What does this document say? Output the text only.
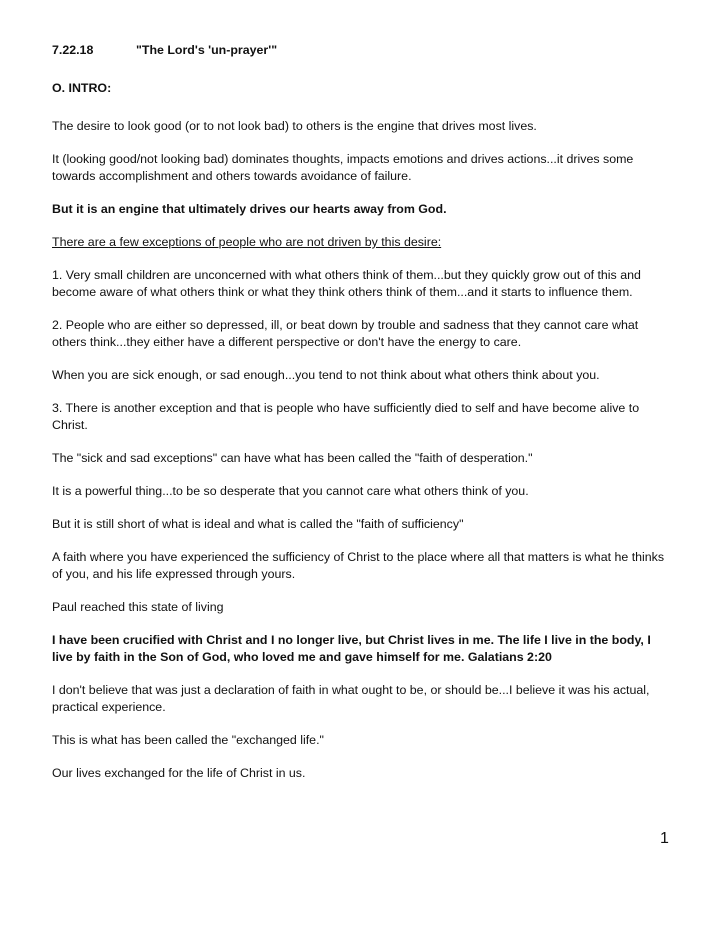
7.22.18	"The Lord's 'un-prayer'"

O. INTRO:

The desire to look good (or to not look bad) to others is the engine that drives most lives.

It (looking good/not looking bad) dominates thoughts, impacts emotions and drives actions...it drives some towards accomplishment and others towards avoidance of failure.

But it is an engine that ultimately drives our hearts away from God.

There are a few exceptions of people who are not driven by this desire:

1. Very small children are unconcerned with what others think of them...but they quickly grow out of this and become aware of what others think or what they think others think of them...and it starts to influence them.

2. People who are either so depressed, ill, or beat down by trouble and sadness that they cannot care what others think...they either have a different perspective or don't have the energy to care.

When you are sick enough, or sad enough...you tend to not think about what others think about you.

3. There is another exception and that is people who have sufficiently died to self and have become alive to Christ.

The "sick and sad exceptions" can have what has been called the "faith of desperation."

It is a powerful thing...to be so desperate that you cannot care what others think of you.

But it is still short of what is ideal and what is called the "faith of sufficiency"

A faith where you have experienced the sufficiency of Christ to the place where all that matters is what he thinks of you, and his life expressed through yours.

Paul reached this state of living

I have been crucified with Christ and I no longer live, but Christ lives in me. The life I live in the body, I live by faith in the Son of God, who loved me and gave himself for me. Galatians 2:20

I don't believe that was just a declaration of faith in what ought to be, or should be...I believe it was his actual, practical experience.

This is what has been called the "exchanged life."

Our lives exchanged for the life of Christ in us.

1
